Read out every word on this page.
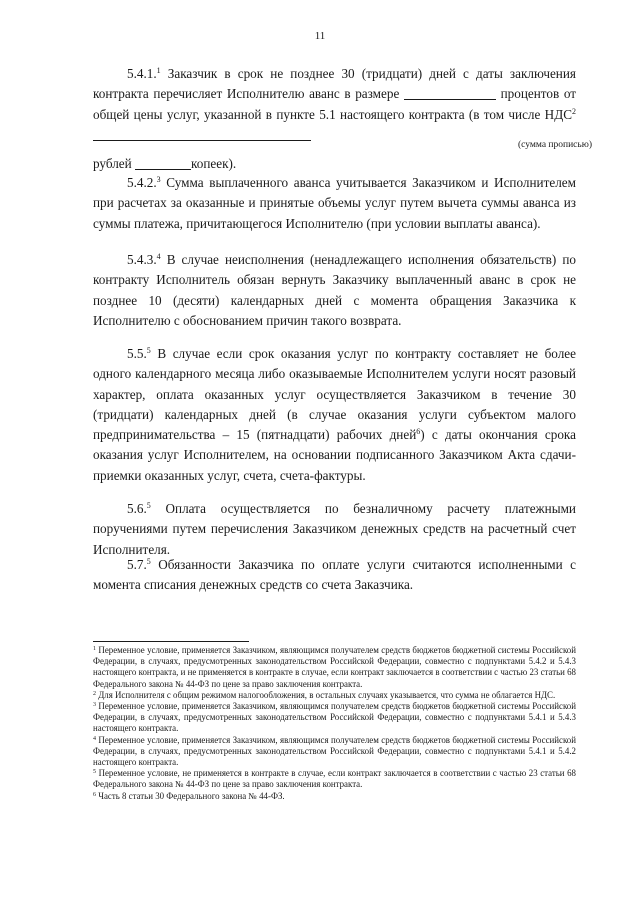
11

5.4.1.$^1$ Заказчик в срок не позднее 30 (тридцати) дней с даты заключения контракта перечисляет Исполнителю аванс в размере	процентов от общей цены услуг, указанной в пункте 5.1 настоящего контракта (в том числе НДС$^2$

(сумма прописью)

рублей	копеек).

5.4.2.$^3$ Сумма выплаченного аванса учитывается Заказчиком и Исполнителем при расчетах за оказанные и принятые объемы услуг путем вычета суммы аванса из суммы платежа, причитающегося Исполнителю (при условии выплаты аванса).

5.4.3.$^4$ В случае неисполнения (ненадлежащего исполнения обязательств) по контракту Исполнитель обязан вернуть Заказчику выплаченный аванс в срок не позднее 10 (десяти) календарных дней с момента обращения Заказчика к Исполнителю с обоснованием причин такого возврата.

5.5.$^5$ В случае если срок оказания услуг по контракту составляет не более одного календарного месяца либо оказываемые Исполнителем услуги носят разовый характер, оплата оказанных услуг осуществляется Заказчиком в течение 30 (тридцати) календарных дней (в случае оказания услуги субъектом малого предпринимательства – 15 (пятнадцати) рабочих дней$^6$) с даты окончания срока оказания услуг Исполнителем, на основании подписанного Заказчиком Акта сдачи-приемки оказанных услуг, счета, счета-фактуры.

5.6.$^5$ Оплата осуществляется по безналичному расчету платежными поручениями путем перечисления Заказчиком денежных средств на расчетный счет Исполнителя.

5.7.$^5$ Обязанности Заказчика по оплате услуги считаются исполненными с момента списания денежных средств со счета Заказчика.

$^1$ Переменное условие, применяется Заказчиком, являющимся получателем средств бюджетов бюджетной системы Российской Федерации, в случаях, предусмотренных законодательством Российской Федерации, совместно с подпунктами 5.4.2 и 5.4.3 настоящего контракта, и не применяется в контракте в случае, если контракт заключается в соответствии с частью 23 статьи 68 Федерального закона № 44-ФЗ по цене за право заключения контракта.

$^2$ Для Исполнителя с общим режимом налогообложения, в остальных случаях указывается, что сумма не облагается НДС.

$^3$ Переменное условие, применяется Заказчиком, являющимся получателем средств бюджетов бюджетной системы Российской Федерации, в случаях, предусмотренных законодательством Российской Федерации, совместно с подпунктами 5.4.1 и 5.4.3 настоящего контракта.

$^4$ Переменное условие, применяется Заказчиком, являющимся получателем средств бюджетов бюджетной системы Российской Федерации, в случаях, предусмотренных законодательством Российской Федерации, совместно с подпунктами 5.4.1 и 5.4.2 настоящего контракта.

$^5$ Переменное условие, не применяется в контракте в случае, если контракт заключается в соответствии с частью 23 статьи 68 Федерального закона № 44-ФЗ по цене за право заключения контракта.

$^6$ Часть 8 статьи 30 Федерального закона № 44-ФЗ.
